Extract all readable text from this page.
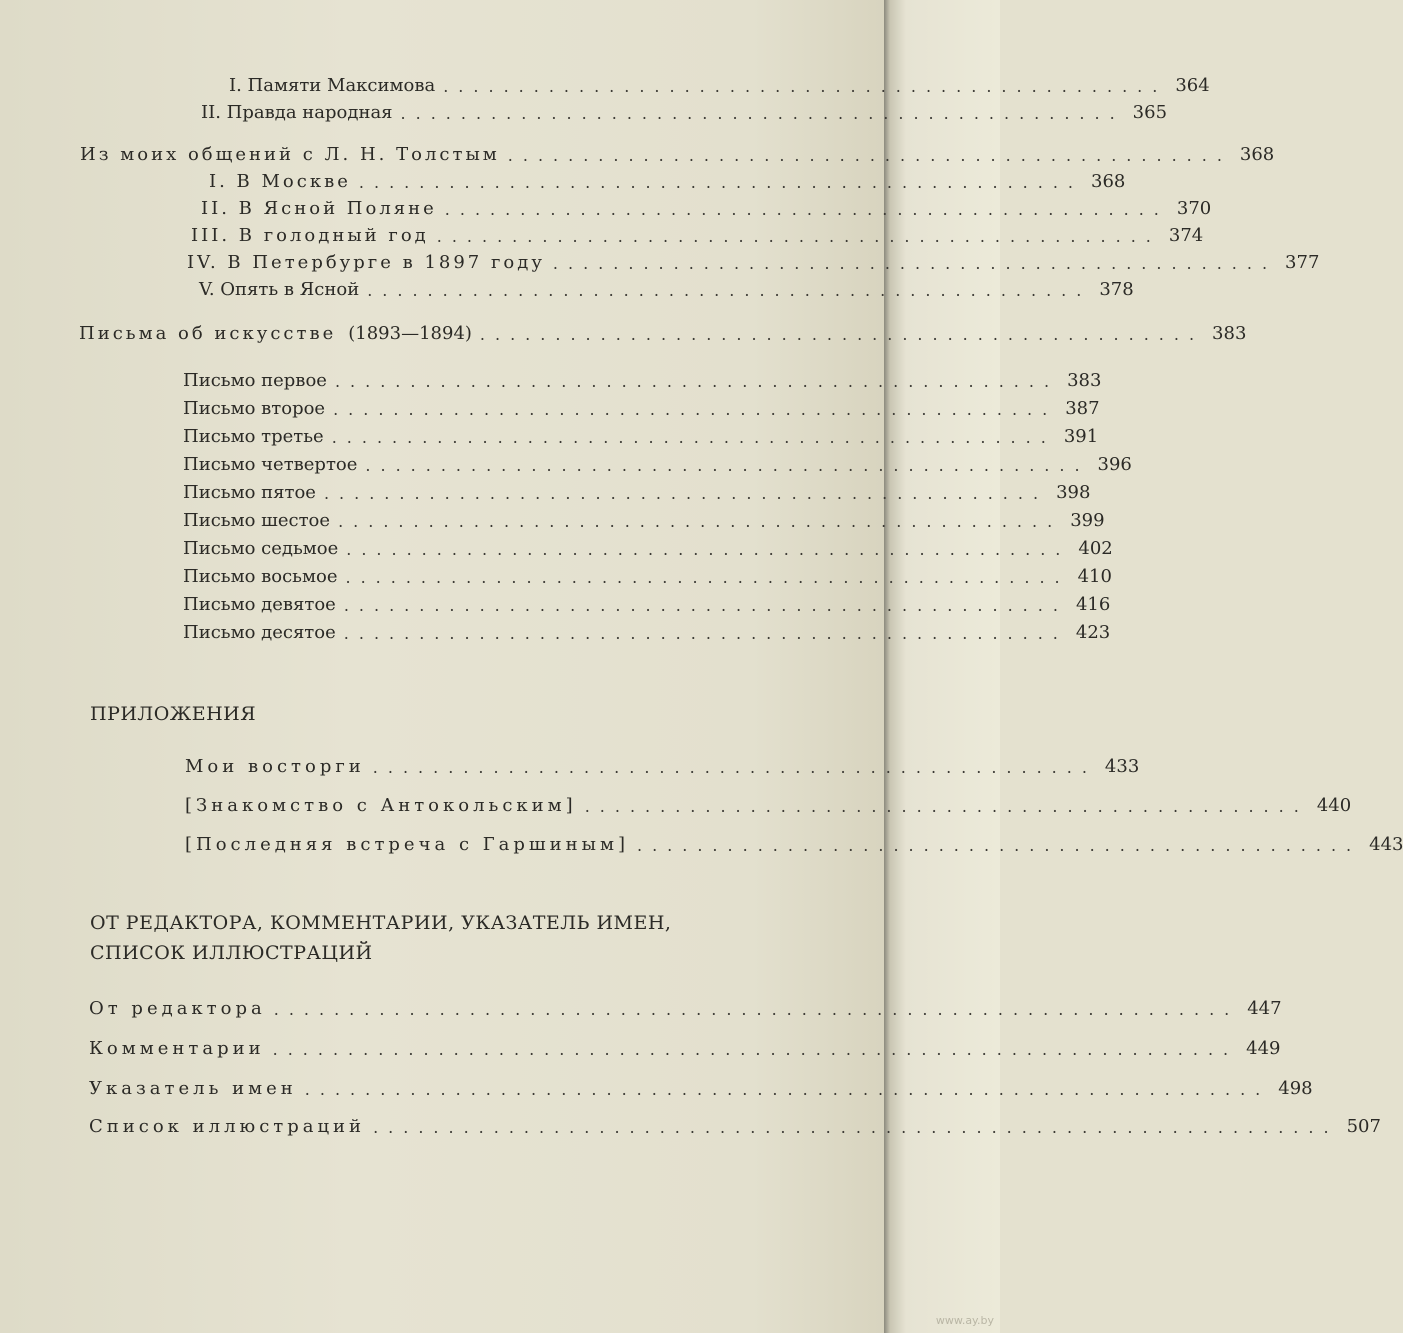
I. Памяти Максимова ................................................ 364
II. Правда народная ................................................ 365
Из моих общений с Л. Н. Толстым ................................................ 368
I. В Москве ................................................ 368
II. В Ясной Поляне ................................................ 370
III. В голодный год ................................................ 374
IV. В Петербурге в 1897 году ................................................ 377
V. Опять в Ясной ................................................ 378
Письма об искусстве (1893—1894) ................................................ 383
Письмо первое ................................................ 383
Письмо второе ................................................ 387
Письмо третье ................................................ 391
Письмо четвертое ................................................ 396
Письмо пятое ................................................ 398
Письмо шестое ................................................ 399
Письмо седьмое ................................................ 402
Письмо восьмое ................................................ 410
Письмо девятое ................................................ 416
Письмо десятое ................................................ 423
ПРИЛОЖЕНИЯ
Мои восторги ................................................ 433
[Знакомство с Антокольским] ................................................ 440
[Последняя встреча с Гаршиным] ................................................ 443
ОТ РЕДАКТОРА, КОММЕНТАРИИ, УКАЗАТЕЛЬ ИМЕН,
СПИСОК ИЛЛЮСТРАЦИЙ
От редактора ................................................................ 447
Комментарии ................................................................ 449
Указатель имен ................................................................ 498
Список иллюстраций ................................................................ 507
www.ay.by
